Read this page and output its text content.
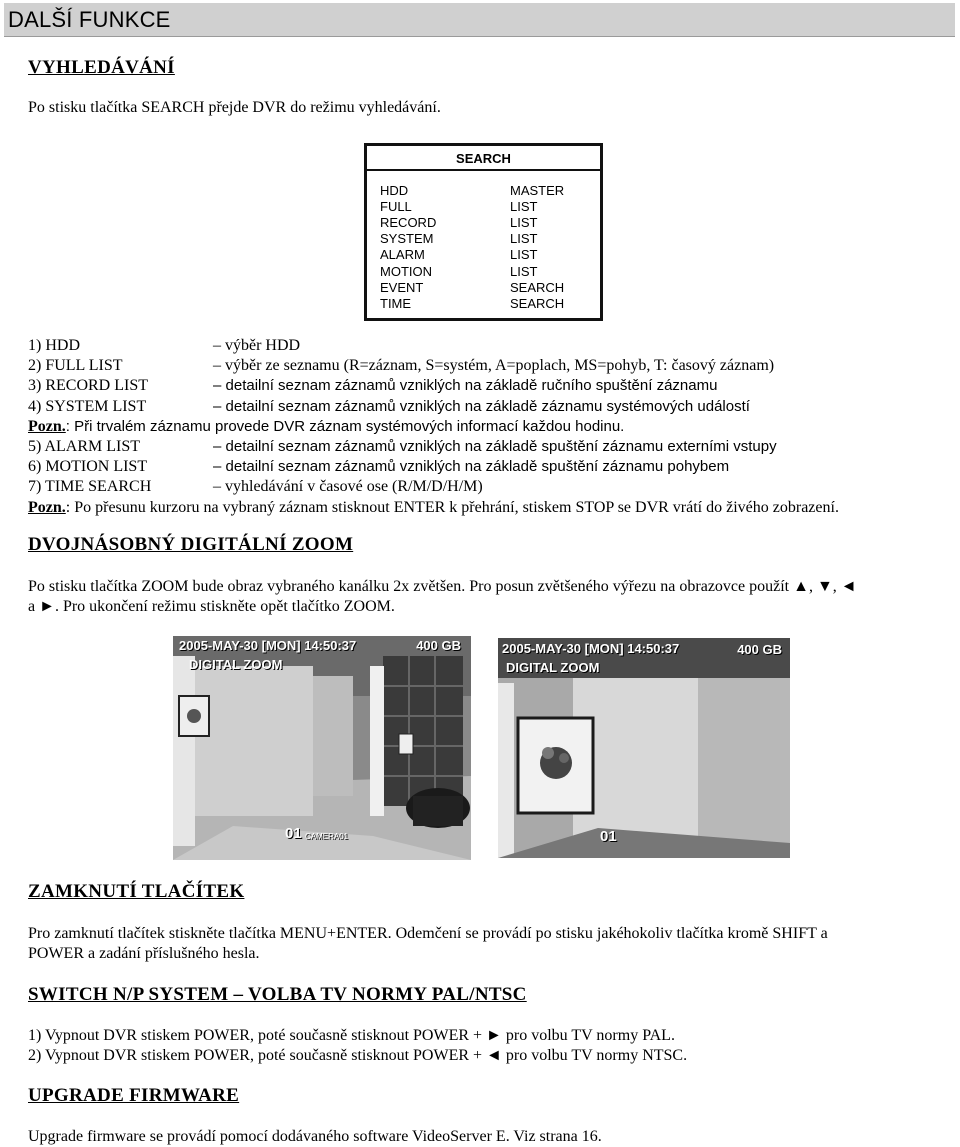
DALŠÍ FUNKCE
VYHLEDÁVÁNÍ
Po stisku tlačítka SEARCH přejde DVR do režimu vyhledávání.
SEARCH
HDD	MASTER
FULL	LIST
RECORD	LIST
SYSTEM	LIST
ALARM	LIST
MOTION	LIST
EVENT	SEARCH
TIME	SEARCH
1) HDD	– výběr HDD
2) FULL LIST	– výběr ze seznamu (R=záznam, S=systém, A=poplach, MS=pohyb, T: časový záznam)
3) RECORD LIST	– detailní seznam záznamů vzniklých na základě ručního spuštění záznamu
4) SYSTEM LIST	– detailní seznam záznamů vzniklých na základě záznamu systémových událostí
Pozn.: Při trvalém záznamu provede DVR záznam systémových informací každou hodinu.
5) ALARM LIST	– detailní seznam záznamů vzniklých na základě spuštění záznamu externími vstupy
6) MOTION LIST	– detailní seznam záznamů vzniklých na základě spuštění záznamu pohybem
7) TIME SEARCH	– vyhledávání v časové ose (R/M/D/H/M)
Pozn.: Po přesunu kurzoru na vybraný záznam stisknout ENTER k přehrání, stiskem STOP se DVR vrátí do živého zobrazení.
DVOJNÁSOBNÝ DIGITÁLNÍ ZOOM
Po stisku tlačítka ZOOM bude obraz vybraného kanálku 2x zvětšen. Pro posun zvětšeného výřezu na obrazovce použít ▲, ▼, ◄
a ►. Pro ukončení režimu stiskněte opět tlačítko ZOOM.
2005-MAY-30 [MON] 14:50:37	400 GB
DIGITAL ZOOM
01 CAMERA01
2005-MAY-30 [MON] 14:50:37	400 GB
DIGITAL ZOOM
01
ZAMKNUTÍ TLAČÍTEK
Pro zamknutí tlačítek stiskněte tlačítka MENU+ENTER. Odemčení se provádí po stisku jakéhokoliv tlačítka kromě SHIFT a
POWER a zadání příslušného hesla.
SWITCH N/P SYSTEM – VOLBA TV NORMY PAL/NTSC
1) Vypnout DVR stiskem POWER, poté současně stisknout POWER + ► pro volbu TV normy PAL.
2) Vypnout DVR stiskem POWER, poté současně stisknout POWER + ◄ pro volbu TV normy NTSC.
UPGRADE FIRMWARE
Upgrade firmware se provádí pomocí dodávaného software VideoServer E. Viz strana 16.
